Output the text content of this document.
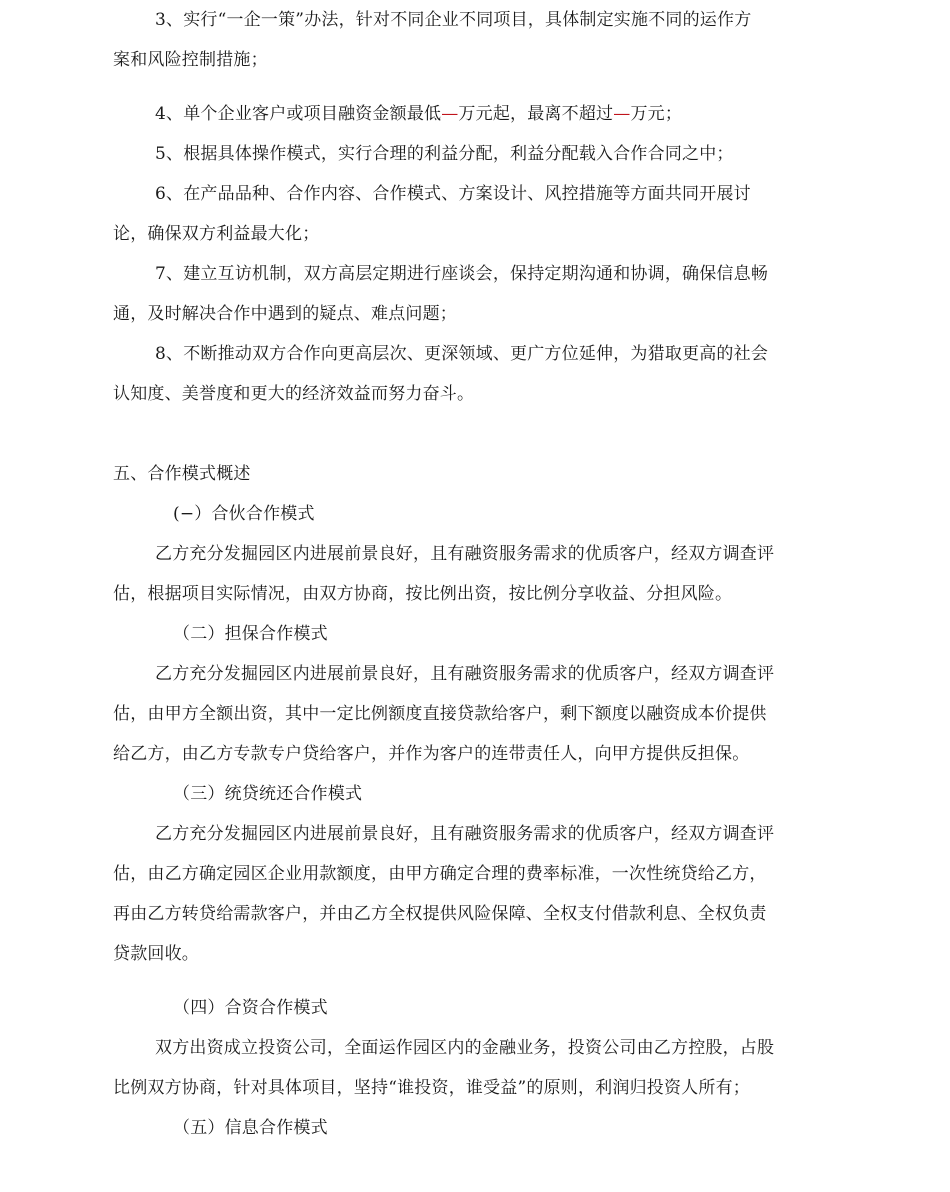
3、实行“一企一策”办法，针对不同企业不同项目，具体制定实施不同的运作方
案和风险控制措施；
4、单个企业客户或项目融资金额最低—万元起，最离不超过—万元；
5、根据具体操作模式，实行合理的利益分配，利益分配载入合作合同之中；
6、在产品品种、合作内容、合作模式、方案设计、风控措施等方面共同开展讨
论，确保双方利益最大化；
7、建立互访机制，双方高层定期进行座谈会，保持定期沟通和协调，确保信息畅
通，及时解决合作中遇到的疑点、难点问题；
8、不断推动双方合作向更高层次、更深领域、更广方位延伸，为猎取更高的社会
认知度、美誉度和更大的经济效益而努力奋斗。
五、合作模式概述
(−）合伙合作模式
乙方充分发掘园区内进展前景良好，且有融资服务需求的优质客户，经双方调查评
估，根据项目实际情况，由双方协商，按比例出资，按比例分享收益、分担风险。
（二）担保合作模式
乙方充分发掘园区内进展前景良好，且有融资服务需求的优质客户，经双方调查评
估，由甲方全额出资，其中一定比例额度直接贷款给客户，剩下额度以融资成本价提供
给乙方，由乙方专款专户贷给客户，并作为客户的连带责任人，向甲方提供反担保。
（三）统贷统还合作模式
乙方充分发掘园区内进展前景良好，且有融资服务需求的优质客户，经双方调查评
估，由乙方确定园区企业用款额度，由甲方确定合理的费率标准，一次性统贷给乙方，
再由乙方转贷给需款客户，并由乙方全权提供风险保障、全权支付借款利息、全权负责
贷款回收。
（四）合资合作模式
双方出资成立投资公司，全面运作园区内的金融业务，投资公司由乙方控股，占股
比例双方协商，针对具体项目，坚持“谁投资，谁受益”的原则，利润归投资人所有；
（五）信息合作模式
